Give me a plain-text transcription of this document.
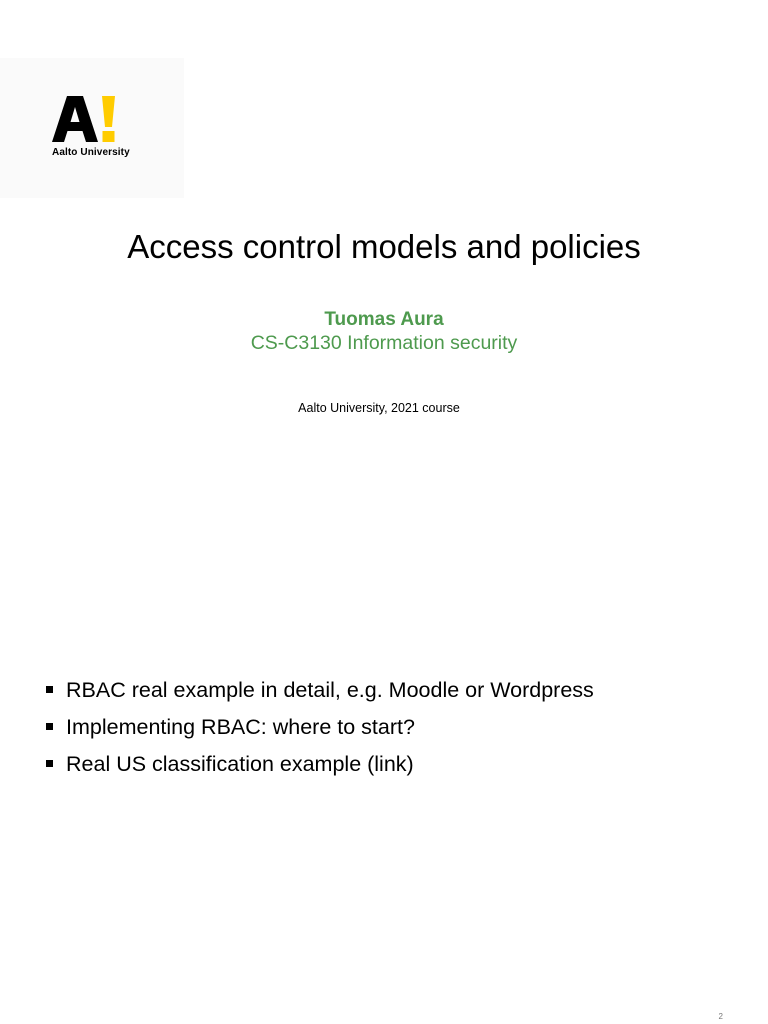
Aalto University
Access control models and policies
Tuomas Aura
CS-C3130 Information security
Aalto University, 2021 course
RBAC real example in detail, e.g. Moodle or Wordpress
Implementing RBAC: where to start?
Real US classification example (link)
2
